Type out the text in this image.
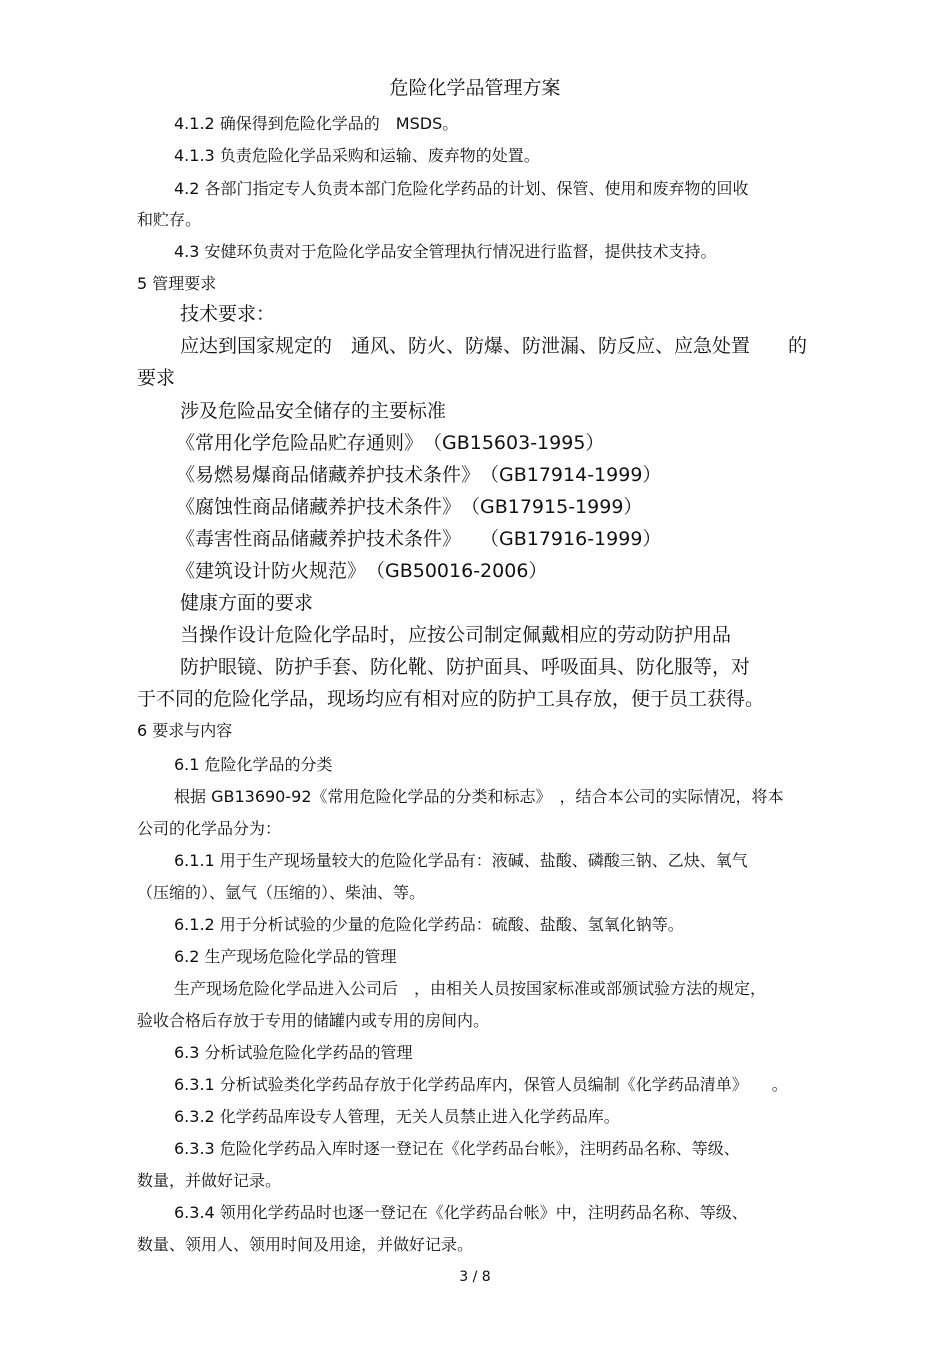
危险化学品管理方案
4.1.2 确保得到危险化学品的　MSDS。
4.1.3 负责危险化学品采购和运输、废弃物的处置。
4.2 各部门指定专人负责本部门危险化学药品的计划、保管、使用和废弃物的回收
和贮存。
4.3 安健环负责对于危险化学品安全管理执行情况进行监督，提供技术支持。
5 管理要求
技术要求：
应达到国家规定的　通风、防火、防爆、防泄漏、防反应、应急处置　　的
要求
涉及危险品安全储存的主要标准
《常用化学危险品贮存通则》　（GB15603-1995）
《易燃易爆商品储藏养护技术条件》　（GB17914-1999）
《腐蚀性商品储藏养护技术条件》　（GB17915-1999）
《毒害性商品储藏养护技术条件》　　（GB17916-1999）
《建筑设计防火规范》　（GB50016-2006）
健康方面的要求
当操作设计危险化学品时，应按公司制定佩戴相应的劳动防护用品
防护眼镜、防护手套、防化靴、防护面具、呼吸面具、防化服等，对
于不同的危险化学品，现场均应有相对应的防护工具存放，便于员工获得。
6 要求与内容
6.1 危险化学品的分类
根据 GB13690-92《常用危险化学品的分类和标志》　，结合本公司的实际情况，将本
公司的化学品分为：
6.1.1 用于生产现场量较大的危险化学品有：液碱、盐酸、磷酸三钠、乙炔、氧气
（压缩的）、氩气（压缩的）、柴油、等。
6.1.2 用于分析试验的少量的危险化学药品：硫酸、盐酸、氢氧化钠等。
6.2 生产现场危险化学品的管理
生产现场危险化学品进入公司后　，由相关人员按国家标准或部颁试验方法的规定，
验收合格后存放于专用的储罐内或专用的房间内。
6.3 分析试验危险化学药品的管理
6.3.1 分析试验类化学药品存放于化学药品库内，保管人员编制《化学药品清单》　　。
6.3.2 化学药品库设专人管理，无关人员禁止进入化学药品库。
6.3.3 危险化学药品入库时逐一登记在《化学药品台帐》，注明药品名称、等级、
数量，并做好记录。
6.3.4 领用化学药品时也逐一登记在《化学药品台帐》中，注明药品名称、等级、
数量、领用人、领用时间及用途，并做好记录。
3 / 8
